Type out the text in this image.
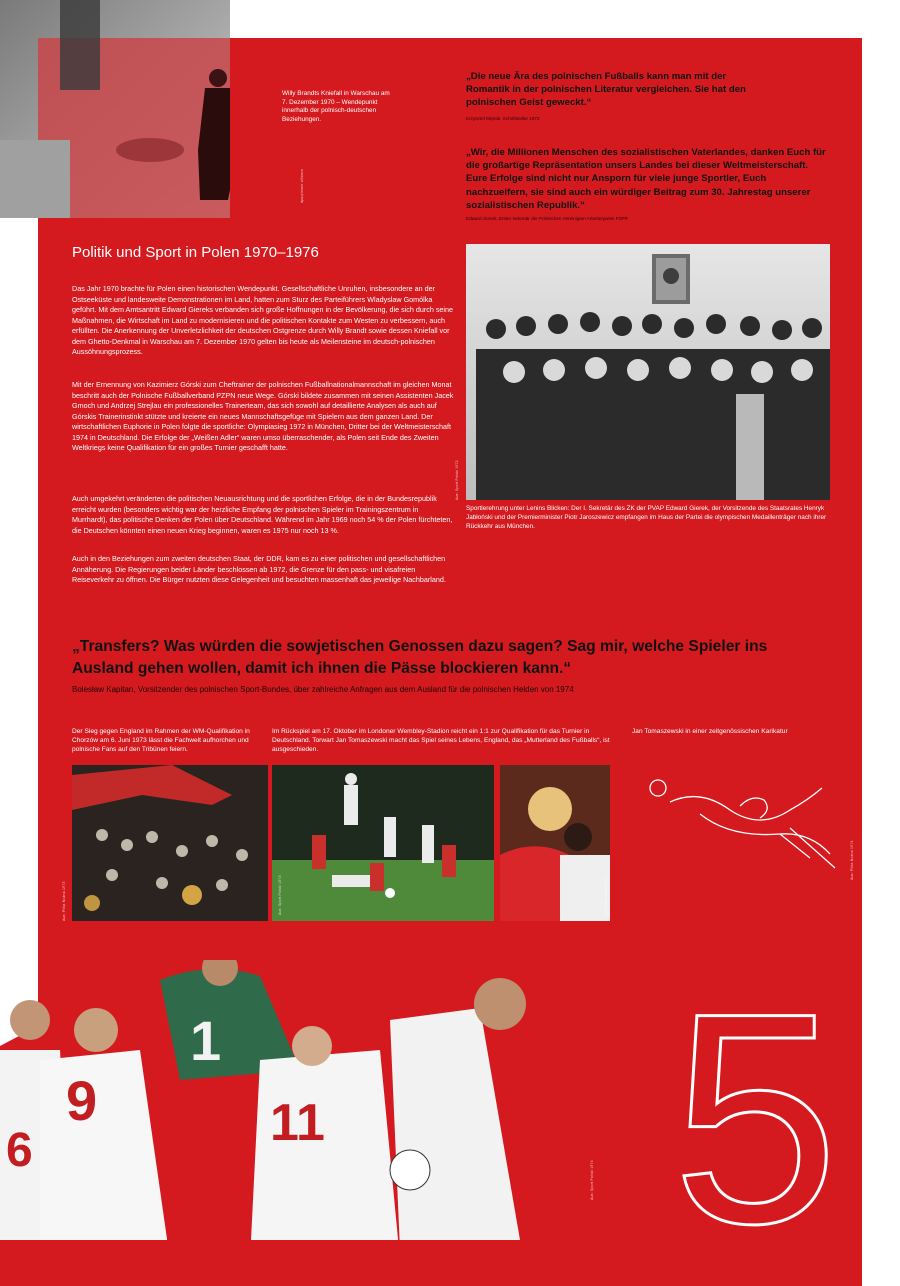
Willy Brandts Kniefall in Warschau am 7. Dezember 1970 – Wendepunkt innerhalb der polnisch-deutschen Beziehungen.
dpa/picture alliance
„Die neue Ära des polnischen Fußballs kann man mit der Romantik in der polnischen Literatur vergleichen. Sie hat den polnischen Geist geweckt.“
Krzysztof Mętrak, Schriftsteller 1972
„Wir, die Millionen Menschen des sozialistischen Vaterlandes, danken Euch für die großartige Repräsentation unsers Landes bei dieser Weltmeisterschaft. Eure Erfolge sind nicht nur Ansporn für viele junge Sportler, Euch nachzueifern, sie sind auch ein würdiger Beitrag zum 30. Jahrestag unserer sozialistischen Republik.“
Edward Gierek, Erster Sekretär der Polnischen Vereinigten Arbeiterpartei PZPR
Politik und Sport in Polen 1970–1976
Das Jahr 1970 brachte für Polen einen historischen Wendepunkt. Gesellschaftliche Unruhen, insbesondere an der Ostseeküste und landesweite Demonstrationen im Land, hatten zum Sturz des Parteiführers Wladyslaw Gomólka geführt. Mit dem Amtsantritt Edward Giereks verbanden sich große Hoffnungen in der Bevölkerung, die sich durch seine Maßnahmen, die Wirtschaft im Land zu modernisieren und die politischen Kontakte zum Westen zu verbessern, auch erfüllten. Die Anerkennung der Unverletzlichkeit der deutschen Ostgrenze durch Willy Brandt sowie dessen Kniefall vor dem Ghetto-Denkmal in Warschau am 7. Dezember 1970 gelten bis heute als Meilensteine im deutsch-polnischen Aussöhnungsprozess.
Mit der Ernennung von Kazimierz Górski zum Cheftrainer der polnischen Fußballnationalmannschaft im gleichen Monat beschritt auch der Polnische Fußballverband PZPN neue Wege. Górski bildete zusammen mit seinen Assistenten Jacek Gmoch und Andrzej Strejlau ein professionelles Trainerteam, das sich sowohl auf detaillierte Analysen als auch auf Górskis Trainerinstinkt stützte und kreierte ein neues Mannschaftsgefüge mit Spielern aus dem ganzen Land. Der wirtschaftlichen Euphorie in Polen folgte die sportliche: Olympiasieg 1972 in München, Dritter bei der Weltmeisterschaft 1974 in Deutschland. Die Erfolge der „Weißen Adler“ waren umso überraschender, als Polen seit Ende des Zweiten Weltkriegs keine Qualifikation für ein großes Turnier geschafft hatte.
Auch umgekehrt veränderten die politischen Neuausrichtung und die sportlichen Erfolge, die in der Bundesrepublik erreicht wurden (besonders wichtig war der herzliche Empfang der polnischen Spieler im Trainingszentrum in Murrhardt), das politische Denken der Polen über Deutschland. Während im Jahr 1969 noch 54 % der Polen fürchteten, die Deutschen könnten einen neuen Krieg beginnen, waren es 1975 nur noch 13 %.
Auch in den Beziehungen zum zweiten deutschen Staat, der DDR, kam es zu einer politischen und gesellschaftlichen Annäherung. Die Regierungen beider Länder beschlossen ab 1972, die Grenze für den pass- und visafreien Reiseverkehr zu öffnen. Die Bürger nutzten diese Gelegenheit und besuchten massenhaft das jeweilige Nachbarland.
Aus: Sport Polski 1972
Sportlerehrung unter Lenins Blicken: Der I. Sekretär des ZK der PVAP Edward Gierek, der Vorsitzende des Staatsrates Henryk Jabłoński und der Premierminister Piotr Jaroszewicz empfangen im Haus der Partei die olympischen Medaillenträger nach ihrer Rückkehr aus München.
„Transfers? Was würden die sowjetischen Genossen dazu sagen? Sag mir, welche Spieler ins Ausland gehen wollen, damit ich ihnen die Pässe blockieren kann.“
Bolesław Kapitan, Vorsitzender des polnischen Sport-Bundes, über zahlreiche Anfragen aus dem Ausland für die polnischen Helden von 1974
Der Sieg gegen England im Rahmen der WM-Qualifikation in Chorzów am 6. Juni 1973 lässt die Fachwelt aufhorchen und polnische Fans auf den Tribünen feiern.
Im Rückspiel am 17. Oktober im Londoner Wembley-Stadion reicht ein 1:1 zur Qualifikation für das Turnier in Deutschland. Torwart Jan Tomaszewski macht das Spiel seines Lebens, England, das „Mutterland des Fußballs“, ist ausgeschieden.
Jan Tomaszewski in einer zeitgenössischen Karikatur
Aus: Piłka Nożna 1973	Aus: Sport Polski 1973	Aus: Piłka Nożna 1973
Aus: Piłka Nożna 1974
9
1
11
6
Aus: Sport Polski 1974 5
